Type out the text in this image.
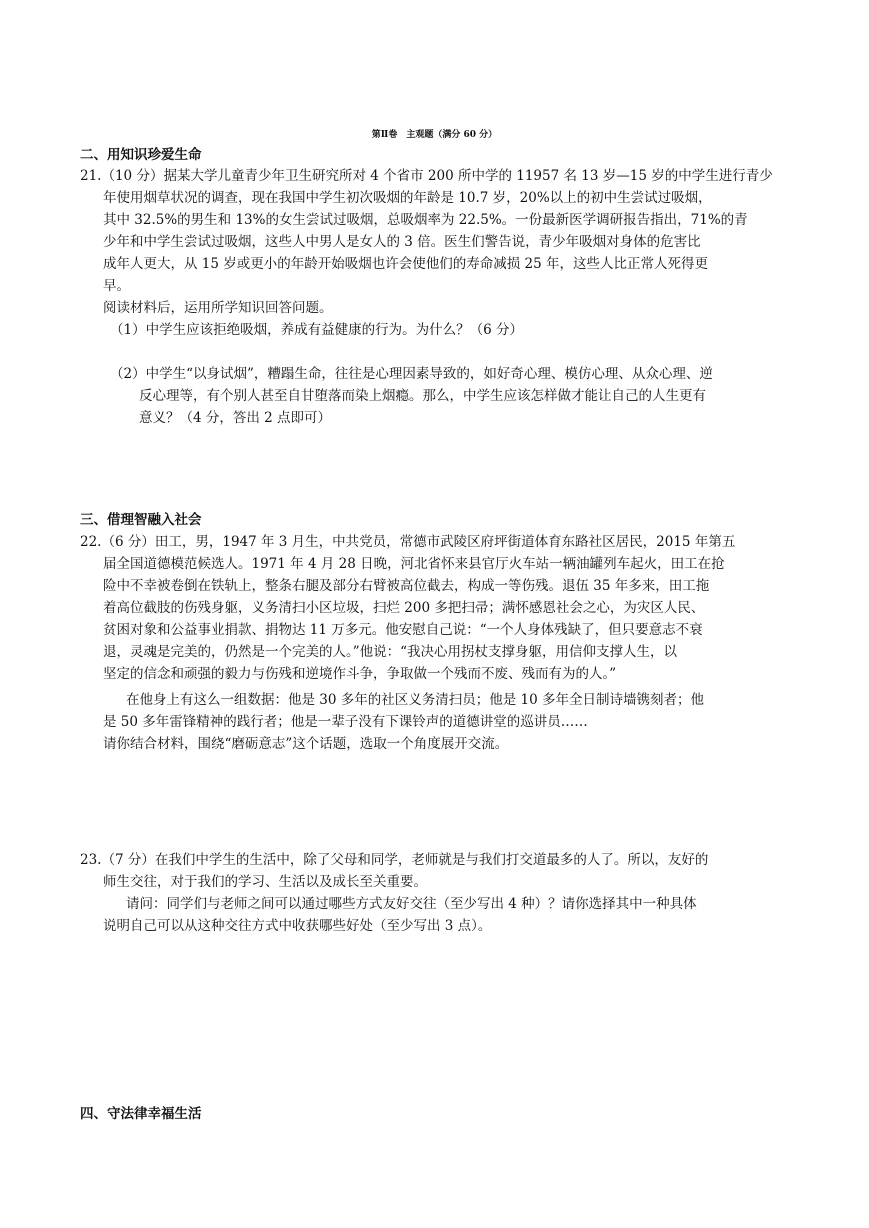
第Ⅱ卷　主观题（满分 60 分）
二、用知识珍爱生命
21.（10 分）据某大学儿童青少年卫生研究所对 4 个省市 200 所中学的 11957 名 13 岁—15 岁的中学生进行青少
年使用烟草状况的调查，现在我国中学生初次吸烟的年龄是 10.7 岁，20%以上的初中生尝试过吸烟，
其中 32.5%的男生和 13%的女生尝试过吸烟，总吸烟率为 22.5%。一份最新医学调研报告指出，71%的青
少年和中学生尝试过吸烟，这些人中男人是女人的 3 倍。医生们警告说，青少年吸烟对身体的危害比
成年人更大，从 15 岁或更小的年龄开始吸烟也许会使他们的寿命减损 25 年，这些人比正常人死得更
早。
阅读材料后，运用所学知识回答问题。
（1）中学生应该拒绝吸烟，养成有益健康的行为。为什么？（6 分）
（2）中学生“以身试烟”，糟蹋生命，往往是心理因素导致的，如好奇心理、模仿心理、从众心理、逆
反心理等，有个别人甚至自甘堕落而染上烟瘾。那么，中学生应该怎样做才能让自己的人生更有
意义？（4 分，答出 2 点即可）
三、借理智融入社会
22.（6 分）田工，男，1947 年 3 月生，中共党员，常德市武陵区府坪街道体育东路社区居民，2015 年第五
届全国道德模范候选人。1971 年 4 月 28 日晚，河北省怀来县官厅火车站一辆油罐列车起火，田工在抢
险中不幸被卷倒在铁轨上，整条右腿及部分右臂被高位截去，构成一等伤残。退伍 35 年多来，田工拖
着高位截肢的伤残身躯，义务清扫小区垃圾，扫烂 200 多把扫帚；满怀感恩社会之心，为灾区人民、
贫困对象和公益事业捐款、捐物达 11 万多元。他安慰自己说：“一个人身体残缺了，但只要意志不衰
退，灵魂是完美的，仍然是一个完美的人。”他说：“我决心用拐杖支撑身躯，用信仰支撑人生，以
坚定的信念和顽强的毅力与伤残和逆境作斗争，争取做一个残而不废、残而有为的人。”
在他身上有这么一组数据：他是 30 多年的社区义务清扫员；他是 10 多年全日制诗墙镌刻者；他
是 50 多年雷锋精神的践行者；他是一辈子没有下课铃声的道德讲堂的巡讲员……
请你结合材料，围绕“磨砺意志”这个话题，选取一个角度展开交流。
23.（7 分）在我们中学生的生活中，除了父母和同学，老师就是与我们打交道最多的人了。所以，友好的
师生交往，对于我们的学习、生活以及成长至关重要。
请问：同学们与老师之间可以通过哪些方式友好交往（至少写出 4 种）？请你选择其中一种具体
说明自己可以从这种交往方式中收获哪些好处（至少写出 3 点）。
四、守法律幸福生活
